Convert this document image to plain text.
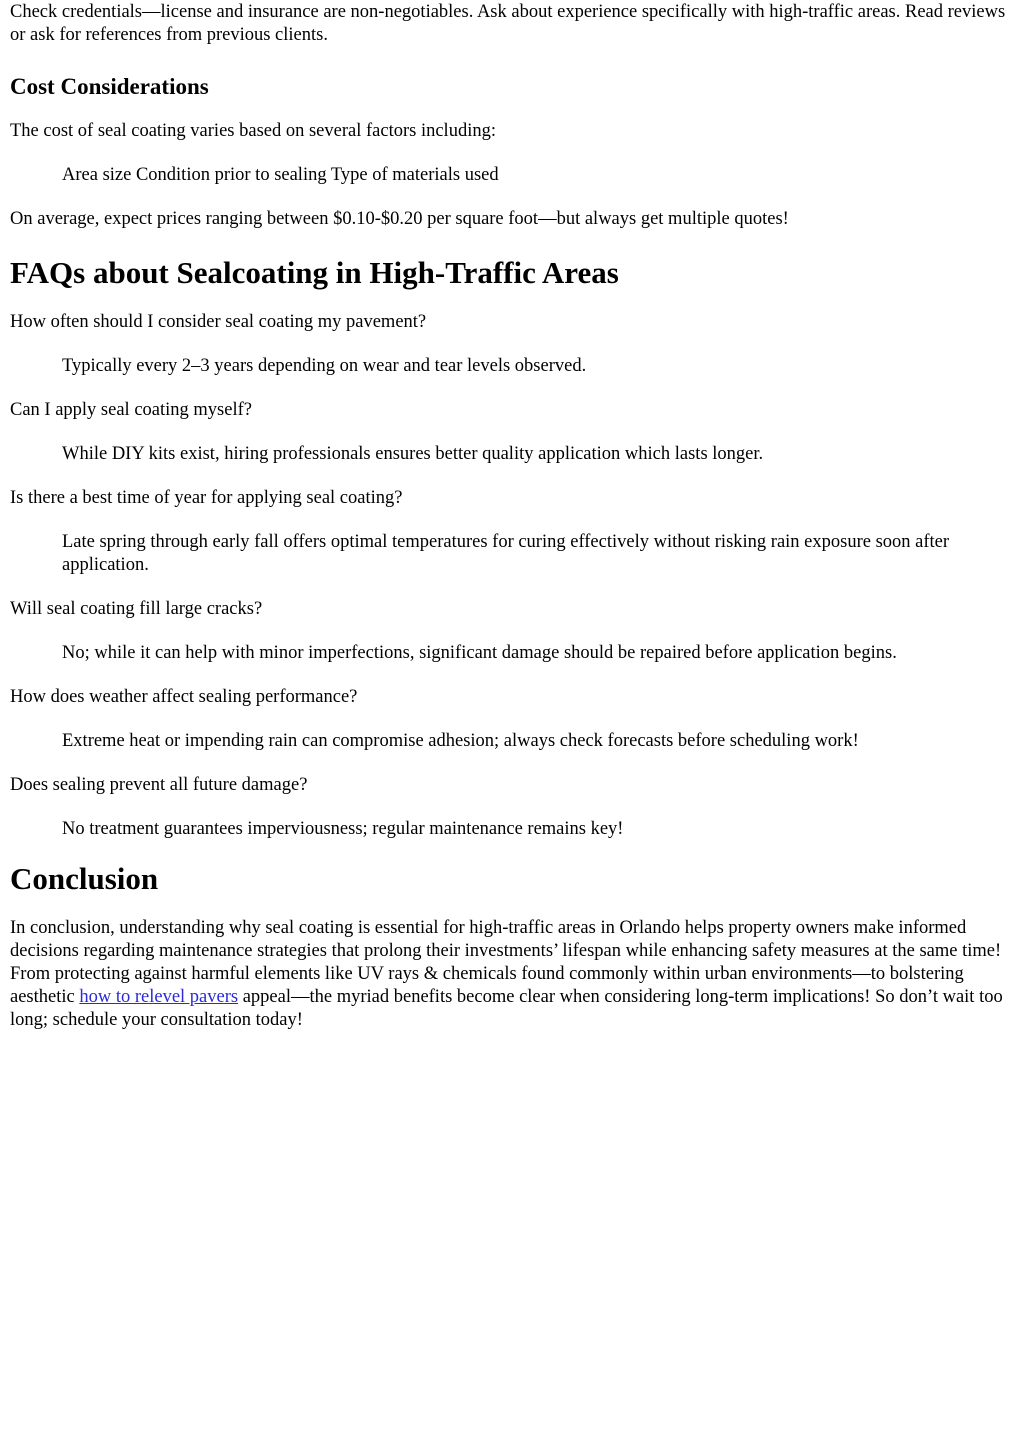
Check credentials—license and insurance are non-negotiables. Ask about experience specifically with high-traffic areas. Read reviews or ask for references from previous clients.

Cost Considerations

The cost of seal coating varies based on several factors including:

Area size Condition prior to sealing Type of materials used

On average, expect prices ranging between $0.10-$0.20 per square foot—but always get multiple quotes!

FAQs about Sealcoating in High-Traffic Areas

How often should I consider seal coating my pavement?

Typically every 2–3 years depending on wear and tear levels observed.

Can I apply seal coating myself?

While DIY kits exist, hiring professionals ensures better quality application which lasts longer.

Is there a best time of year for applying seal coating?

Late spring through early fall offers optimal temperatures for curing effectively without risking rain exposure soon after application.

Will seal coating fill large cracks?

No; while it can help with minor imperfections, significant damage should be repaired before application begins.

How does weather affect sealing performance?

Extreme heat or impending rain can compromise adhesion; always check forecasts before scheduling work!

Does sealing prevent all future damage?

No treatment guarantees imperviousness; regular maintenance remains key!

Conclusion

In conclusion, understanding why seal coating is essential for high-traffic areas in Orlando helps property owners make informed decisions regarding maintenance strategies that prolong their investments’ lifespan while enhancing safety measures at the same time! From protecting against harmful elements like UV rays & chemicals found commonly within urban environments—to bolstering aesthetic how to relevel pavers appeal—the myriad benefits become clear when considering long-term implications! So don’t wait too long; schedule your consultation today!
